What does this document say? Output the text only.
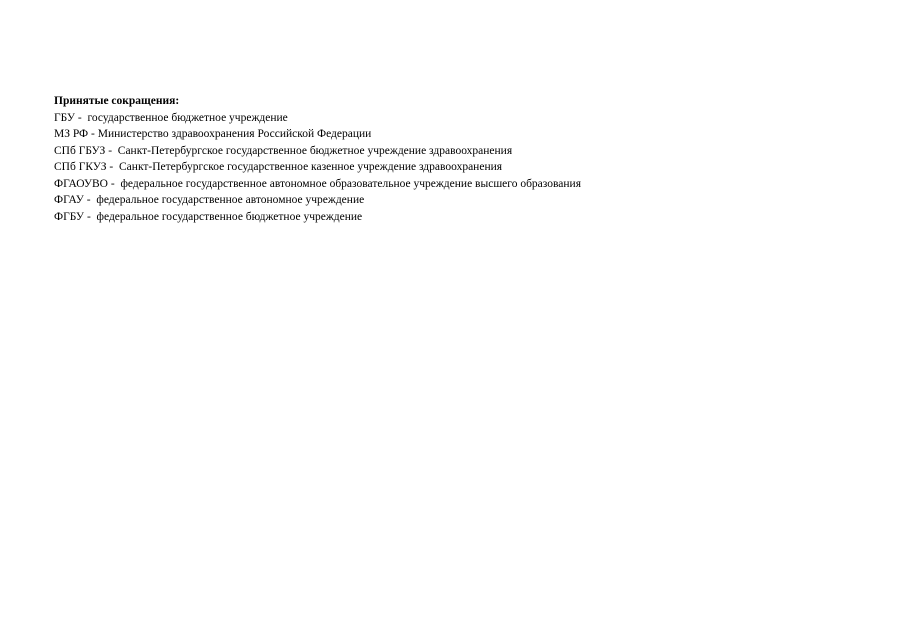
Принятые сокращения:

ГБУ -  государственное бюджетное учреждение
МЗ РФ - Министерство здравоохранения Российской Федерации
СПб ГБУЗ -  Санкт-Петербургское государственное бюджетное учреждение здравоохранения
СПб ГКУЗ -  Санкт-Петербургское государственное казенное учреждение здравоохранения
ФГАОУВО -  федеральное государственное автономное образовательное учреждение высшего образования
ФГАУ -  федеральное государственное автономное учреждение
ФГБУ -  федеральное государственное бюджетное учреждение
